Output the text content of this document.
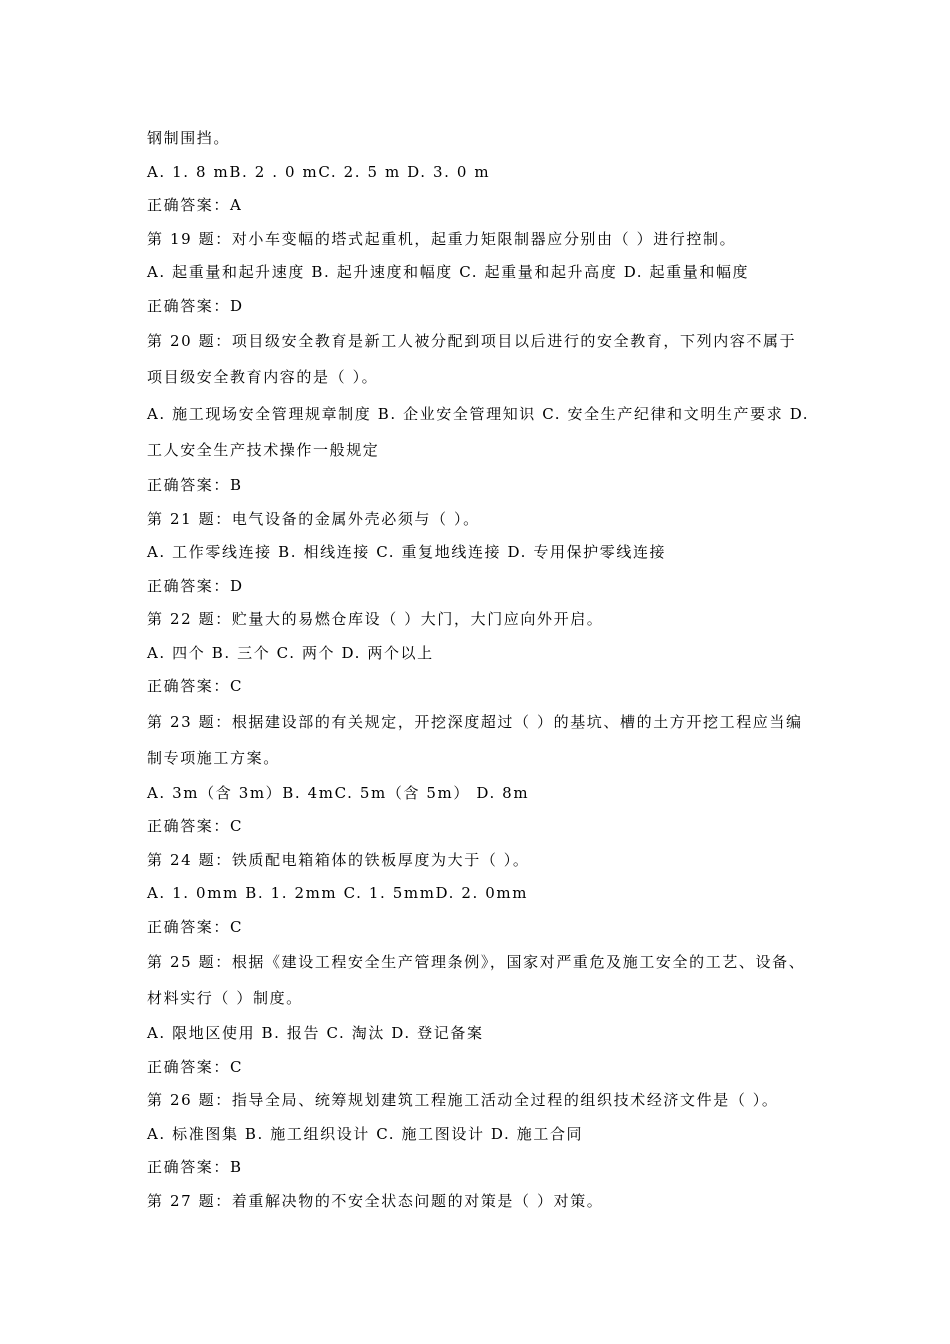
钢制围挡。
A. 1. 8 mB. 2 . 0 mC. 2. 5 m D. 3. 0 m
正确答案：A
第 19 题：对小车变幅的塔式起重机，起重力矩限制器应分别由（ ）进行控制。
A. 起重量和起升速度 B. 起升速度和幅度 C. 起重量和起升高度 D. 起重量和幅度
正确答案：D
第 20 题：项目级安全教育是新工人被分配到项目以后进行的安全教育，下列内容不属于项目级安全教育内容的是（ ）。
A. 施工现场安全管理规章制度 B. 企业安全管理知识 C. 安全生产纪律和文明生产要求 D. 工人安全生产技术操作一般规定
正确答案：B
第 21 题：电气设备的金属外壳必须与（ ）。
A. 工作零线连接 B. 相线连接 C. 重复地线连接 D. 专用保护零线连接
正确答案：D
第 22 题：贮量大的易燃仓库设（ ）大门，大门应向外开启。
A. 四个 B. 三个 C. 两个 D. 两个以上
正确答案：C
第 23 题：根据建设部的有关规定，开挖深度超过（ ）的基坑、槽的土方开挖工程应当编制专项施工方案。
A. 3m（含 3m）B. 4mC. 5m（含 5m） D. 8m
正确答案：C
第 24 题：铁质配电箱箱体的铁板厚度为大于（ ）。
A. 1. 0mm B. 1. 2mm C. 1. 5mmD. 2. 0mm
正确答案：C
第 25 题：根据《建设工程安全生产管理条例》，国家对严重危及施工安全的工艺、设备、材料实行（ ）制度。
A. 限地区使用 B. 报告 C. 淘汰 D. 登记备案
正确答案：C
第 26 题：指导全局、统筹规划建筑工程施工活动全过程的组织技术经济文件是（ ）。
A. 标准图集 B. 施工组织设计 C. 施工图设计 D. 施工合同
正确答案：B
第 27 题：着重解决物的不安全状态问题的对策是（ ）对策。
